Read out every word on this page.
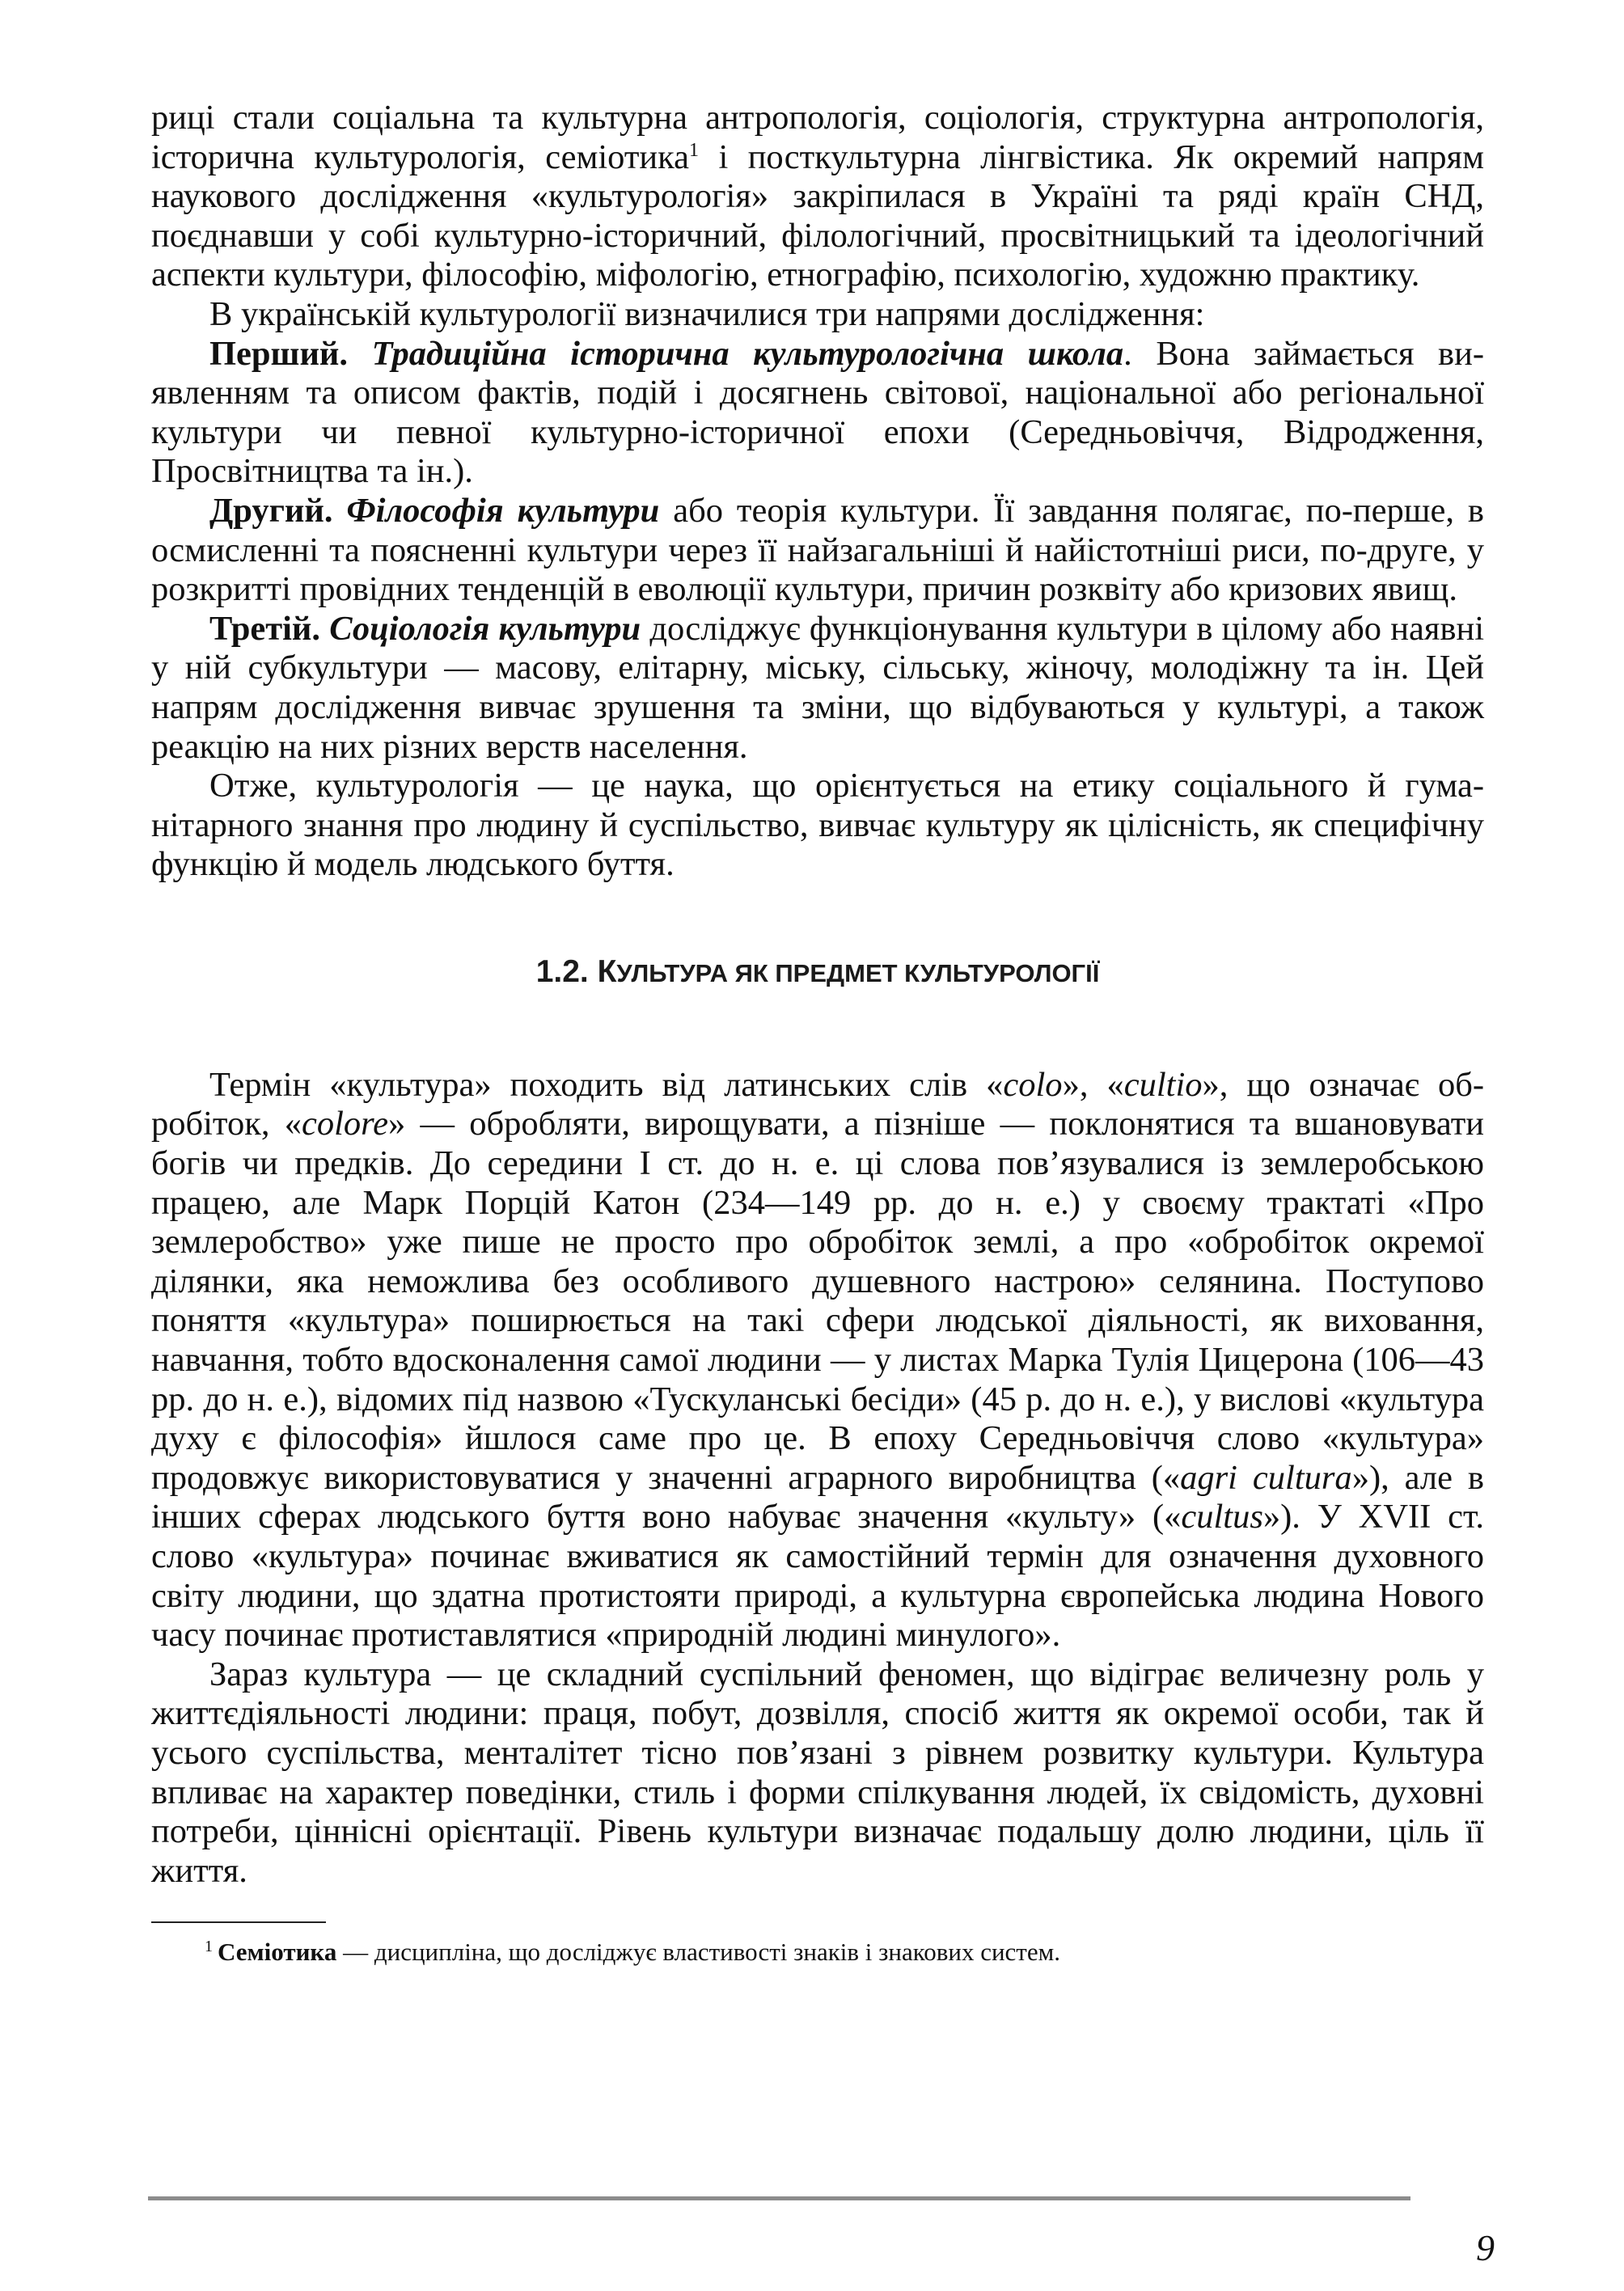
риці стали соціальна та культурна антропологія, соціологія, структурна антропологія, історична культурологія, семіотика$^1$ і посткультурна лінгвістика. Як окремий напрям наукового дослідження «культурологія» закріпилася в Україні та ряді країн СНД, поєднавши у собі культурно-історичний, філологічний, просвітницький та ідеологічний аспекти культури, філософію, міфологію, етнографію, психологію, художню практику.

В українській культурології визначилися три напрями дослідження:

Перший. Традиційна історична культурологічна школа. Вона займається виявленням та описом фактів, подій і досягнень світової, національної або регіональної культури чи певної культурно-історичної епохи (Середньовіччя, Відродження, Просвітництва та ін.).

Другий. Філософія культури або теорія культури. Її завдання полягає, по-перше, в осмисленні та поясненні культури через її найзагальніші й найістотніші риси, по-друге, у розкритті провідних тенденцій в еволюції культури, причин розквіту або кризових явищ.

Третій. Соціологія культури досліджує функціонування культури в цілому або наявні у ній субкультури — масову, елітарну, міську, сільську, жіночу, молодіжну та ін. Цей напрям дослідження вивчає зрушення та зміни, що відбуваються у культурі, а також реакцію на них різних верств населення.

Отже, культурологія — це наука, що орієнтується на етику соціального й гуманітарного знання про людину й суспільство, вивчає культуру як цілісність, як специфічну функцію й модель людського буття.

1.2. КУЛЬТУРА ЯК ПРЕДМЕТ КУЛЬТУРОЛОГІЇ

Термін «культура» походить від латинських слів «colo», «cultio», що означає обробіток, «colore» — обробляти, вирощувати, а пізніше — поклонятися та вшановувати богів чи предків. До середини І ст. до н. е. ці слова пов’язувалися із землеробською працею, але Марк Порцій Катон (234—149 рр. до н. е.) у своєму трактаті «Про землеробство» уже пише не просто про обробіток землі, а про «обробіток окремої ділянки, яка неможлива без особливого душевного настрою» селянина. Поступово поняття «культура» поширюється на такі сфери людської діяльності, як виховання, навчання, тобто вдосконалення самої людини — у листах Марка Тулія Цицерона (106—43 рр. до н. е.), відомих під назвою «Тускуланські бесіди» (45 р. до н. е.), у вислові «культура духу є філософія» йшлося саме про це. В епоху Середньовіччя слово «культура» продовжує використовуватися у значенні аграрного виробництва («agri cultura»), але в інших сферах людського буття воно набуває значення «культу» («cultus»). У XVII ст. слово «культура» починає вживатися як самостійний термін для означення духовного світу людини, що здатна протистояти природі, а культурна європейська людина Нового часу починає протиставлятися «природній людині минулого».

Зараз культура — це складний суспільний феномен, що відіграє величезну роль у життєдіяльності людини: праця, побут, дозвілля, спосіб життя як окремої особи, так й усього суспільства, менталітет тісно пов’язані з рівнем розвитку культури. Культура впливає на характер поведінки, стиль і форми спілкування людей, їх свідомість, духовні потреби, ціннісні орієнтації. Рівень культури визначає подальшу долю людини, ціль її життя.

$^1$ Семіотика — дисципліна, що досліджує властивості знаків і знакових систем.

9
